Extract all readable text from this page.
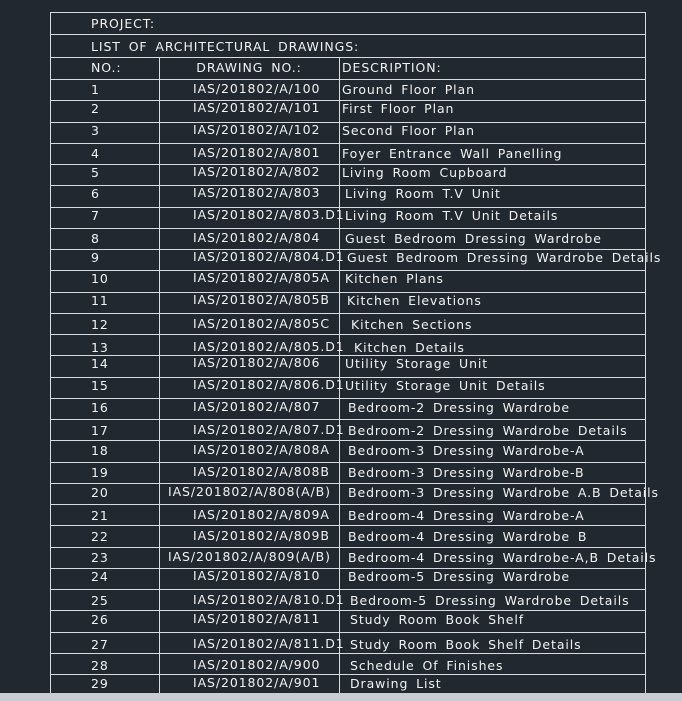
PROJECT:
LIST OF ARCHITECTURAL DRAWINGS:
NO.:	DRAWING NO.:	DESCRIPTION:
1	IAS/201802/A/100 Ground Floor Plan
2	IAS/201802/A/101 First Floor Plan
3	IAS/201802/A/102 Second Floor Plan
4	IAS/201802/A/801 Foyer Entrance Wall Panelling
5	IAS/201802/A/802 Living Room Cupboard
6	IAS/201802/A/803 Living Room T.V Unit
7	IAS/201802/A/803.D1 Living Room T.V Unit Details
8	IAS/201802/A/804 Guest Bedroom Dressing Wardrobe
9	IAS/201802/A/804.D1 Guest Bedroom Dressing Wardrobe Details
10	IAS/201802/A/805A Kitchen Plans
11	IAS/201802/A/805B Kitchen Elevations
12	IAS/201802/A/805C Kitchen Sections
13	IAS/201802/A/805.D1 Kitchen Details
14	IAS/201802/A/806 Utility Storage Unit
15	IAS/201802/A/806.D1 Utility Storage Unit Details
16	IAS/201802/A/807 Bedroom-2 Dressing Wardrobe
17	IAS/201802/A/807.D1 Bedroom-2 Dressing Wardrobe Details
18	IAS/201802/A/808A Bedroom-3 Dressing Wardrobe-A
19	IAS/201802/A/808B Bedroom-3 Dressing Wardrobe-B
20	IAS/201802/A/808(A/B) Bedroom-3 Dressing Wardrobe A.B Details
21	IAS/201802/A/809A Bedroom-4 Dressing Wardrobe-A
22	IAS/201802/A/809B Bedroom-4 Dressing Wardrobe B
23	IAS/201802/A/809(A/B) Bedroom-4 Dressing Wardrobe-A,B Details
24	IAS/201802/A/810 Bedroom-5 Dressing Wardrobe
25	IAS/201802/A/810.D1 Bedroom-5 Dressing Wardrobe Details
26	IAS/201802/A/811 Study Room Book Shelf
27	IAS/201802/A/811.D1 Study Room Book Shelf Details
28	IAS/201802/A/900 Schedule Of Finishes
29	IAS/201802/A/901 Drawing List
